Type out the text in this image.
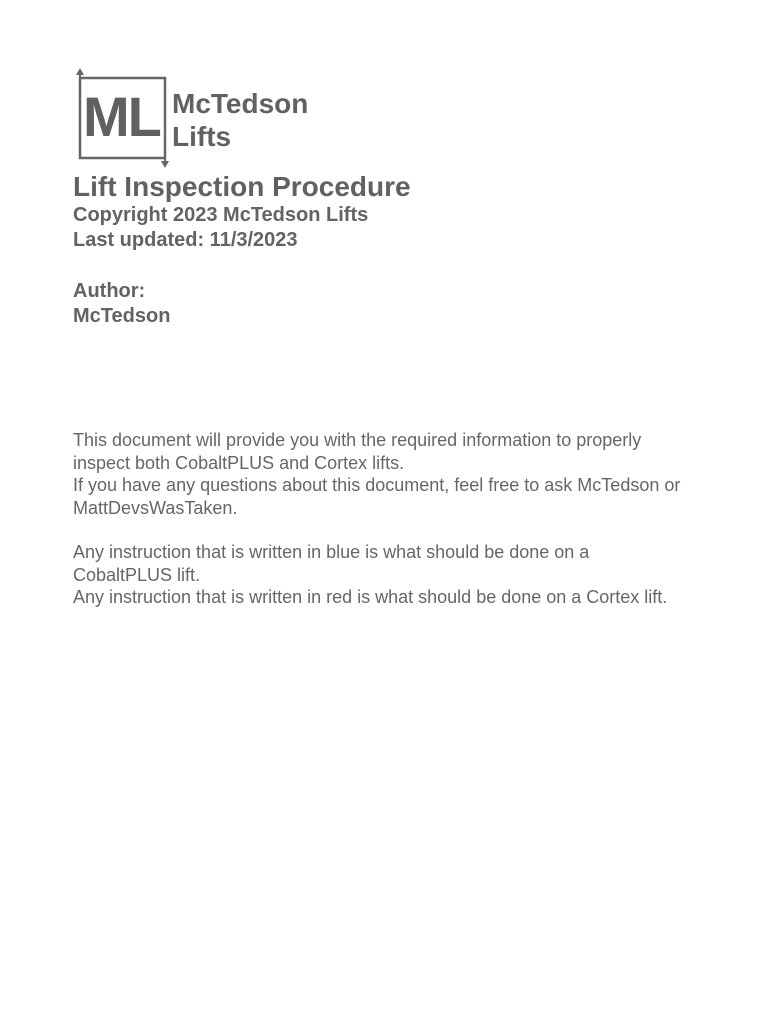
ML McTedson
Lifts
Lift Inspection Procedure
Copyright 2023 McTedson Lifts
Last updated: 11/3/2023
Author:
McTedson

This document will provide you with the required information to properly inspect both CobaltPLUS and Cortex lifts.

If you have any questions about this document, feel free to ask McTedson or MattDevsWasTaken.

Any instruction that is written in blue is what should be done on a CobaltPLUS lift.

Any instruction that is written in red is what should be done on a Cortex lift.
